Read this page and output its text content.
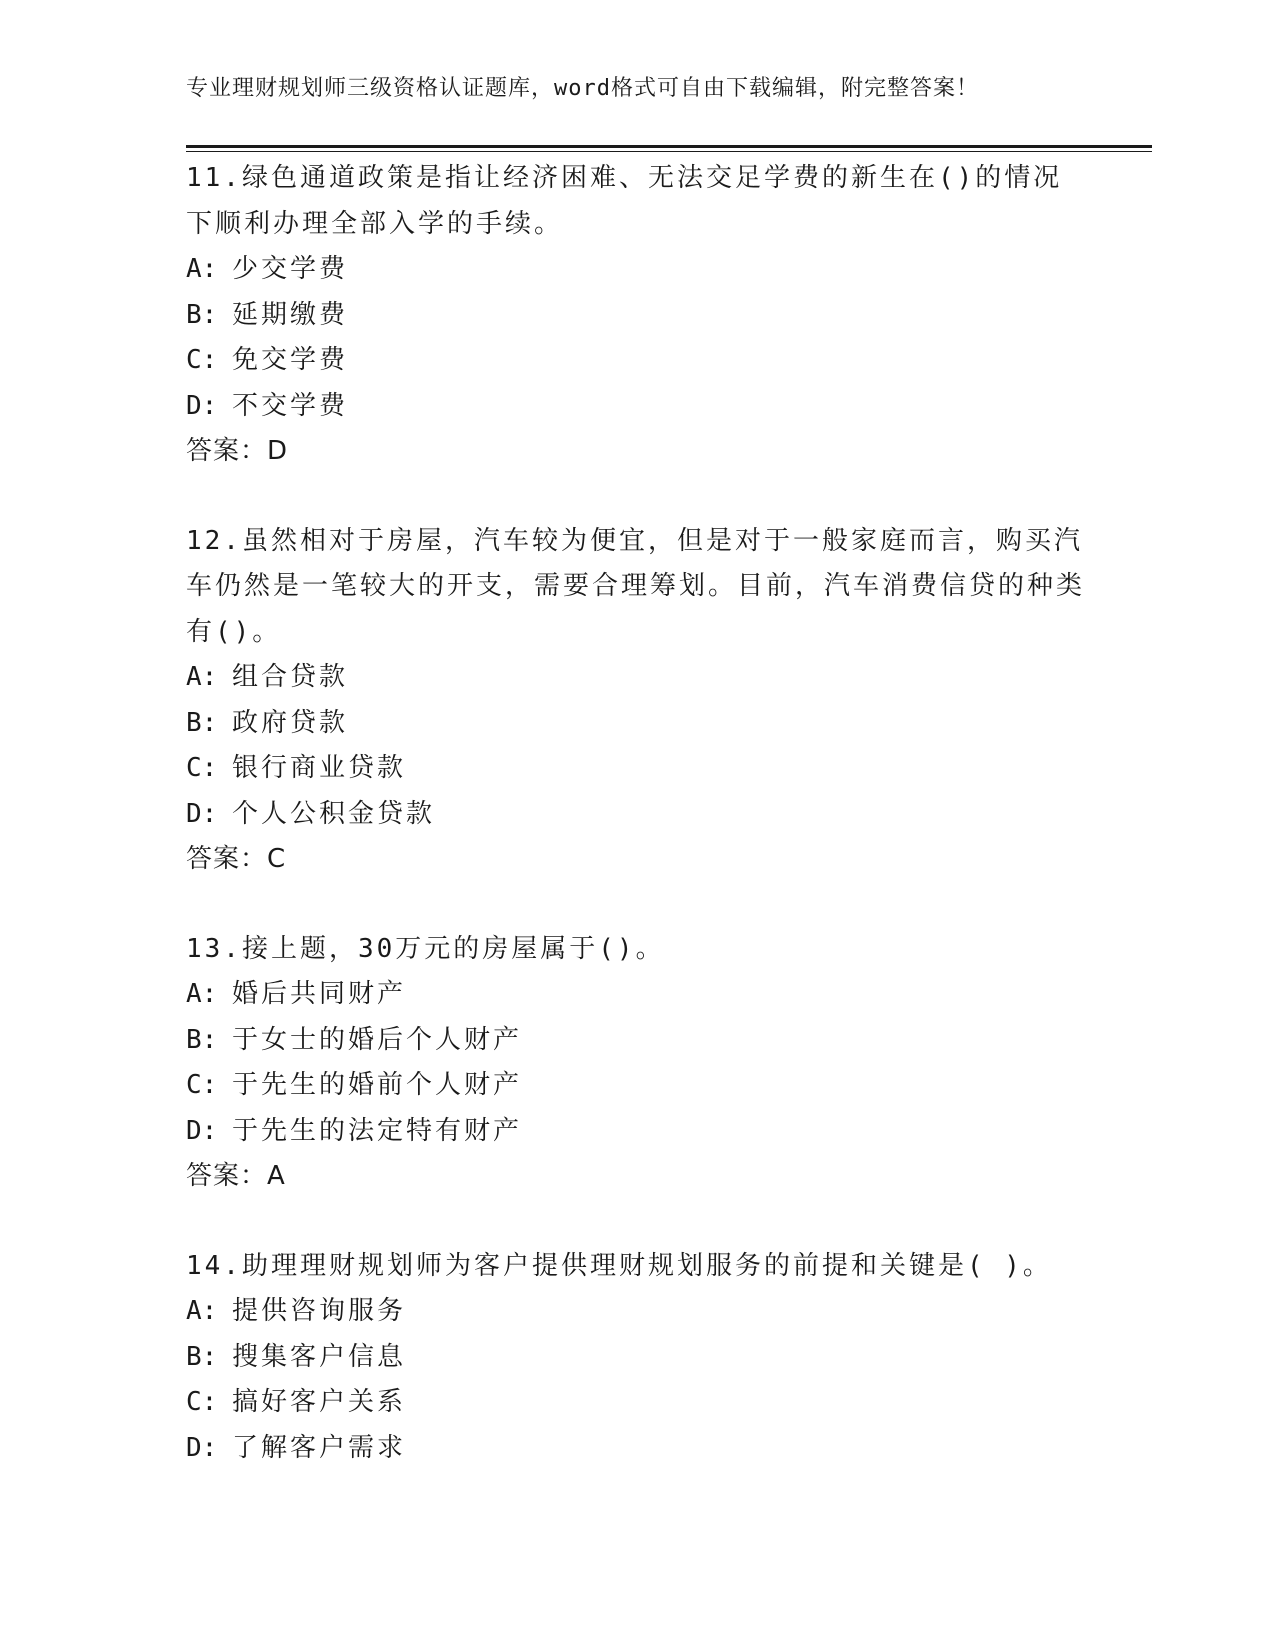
专业理财规划师三级资格认证题库，word格式可自由下载编辑，附完整答案！

11.绿色通道政策是指让经济困难、无法交足学费的新生在()的情况下顺利办理全部入学的手续。

A: 少交学费
B: 延期缴费
C: 免交学费
D: 不交学费
答案：D

12.虽然相对于房屋，汽车较为便宜，但是对于一般家庭而言，购买汽车仍然是一笔较大的开支，需要合理筹划。目前，汽车消费信贷的种类有()。

A: 组合贷款
B: 政府贷款
C: 银行商业贷款
D: 个人公积金贷款
答案：C

13.接上题，30万元的房屋属于()。

A: 婚后共同财产
B: 于女士的婚后个人财产
C: 于先生的婚前个人财产
D: 于先生的法定特有财产
答案：A

14.助理理财规划师为客户提供理财规划服务的前提和关键是( )。

A: 提供咨询服务
B: 搜集客户信息
C: 搞好客户关系
D: 了解客户需求
